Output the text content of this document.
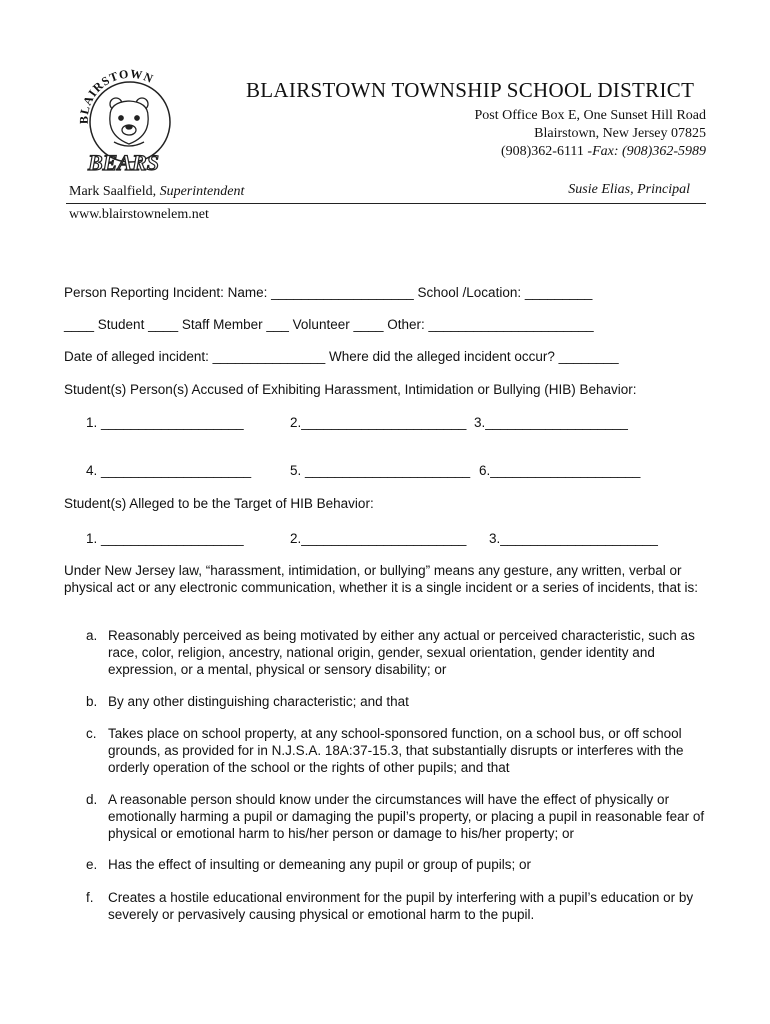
BLAIRSTOWN
BEARS
BLAIRSTOWN TOWNSHIP SCHOOL DISTRICT
Post Office Box E, One Sunset Hill Road
Blairstown, New Jersey 07825
(908)362-6111 -Fax: (908)362-5989
Mark Saalfield, Superintendent	Susie Elias, Principal
www.blairstownelem.net
Person Reporting Incident: Name: ___________________ School /Location: _________
____ Student ____ Staff Member ___ Volunteer ____ Other: ______________________
Date of alleged incident: _______________ Where did the alleged incident occur? ________
Student(s) Person(s) Accused of Exhibiting Harassment, Intimidation or Bullying (HIB) Behavior:
1. ___________________	2.______________________ 3.___________________
4. ____________________	5. ______________________ 6.____________________
Student(s) Alleged to be the Target of HIB Behavior:
1. ___________________	2.______________________ 3._____________________
Under New Jersey law, “harassment, intimidation, or bullying” means any gesture, any written, verbal or physical act or any electronic communication, whether it is a single incident or a series of incidents, that is:
a. Reasonably perceived as being motivated by either any actual or perceived characteristic, such as race, color, religion, ancestry, national origin, gender, sexual orientation, gender identity and expression, or a mental, physical or sensory disability; or
b. By any other distinguishing characteristic; and that
c. Takes place on school property, at any school-sponsored function, on a school bus, or off school grounds, as provided for in N.J.S.A. 18A:37-15.3, that substantially disrupts or interferes with the orderly operation of the school or the rights of other pupils; and that
d. A reasonable person should know under the circumstances will have the effect of physically or emotionally harming a pupil or damaging the pupil’s property, or placing a pupil in reasonable fear of physical or emotional harm to his/her person or damage to his/her property; or
e. Has the effect of insulting or demeaning any pupil or group of pupils; or
f. Creates a hostile educational environment for the pupil by interfering with a pupil’s education or by severely or pervasively causing physical or emotional harm to the pupil.
